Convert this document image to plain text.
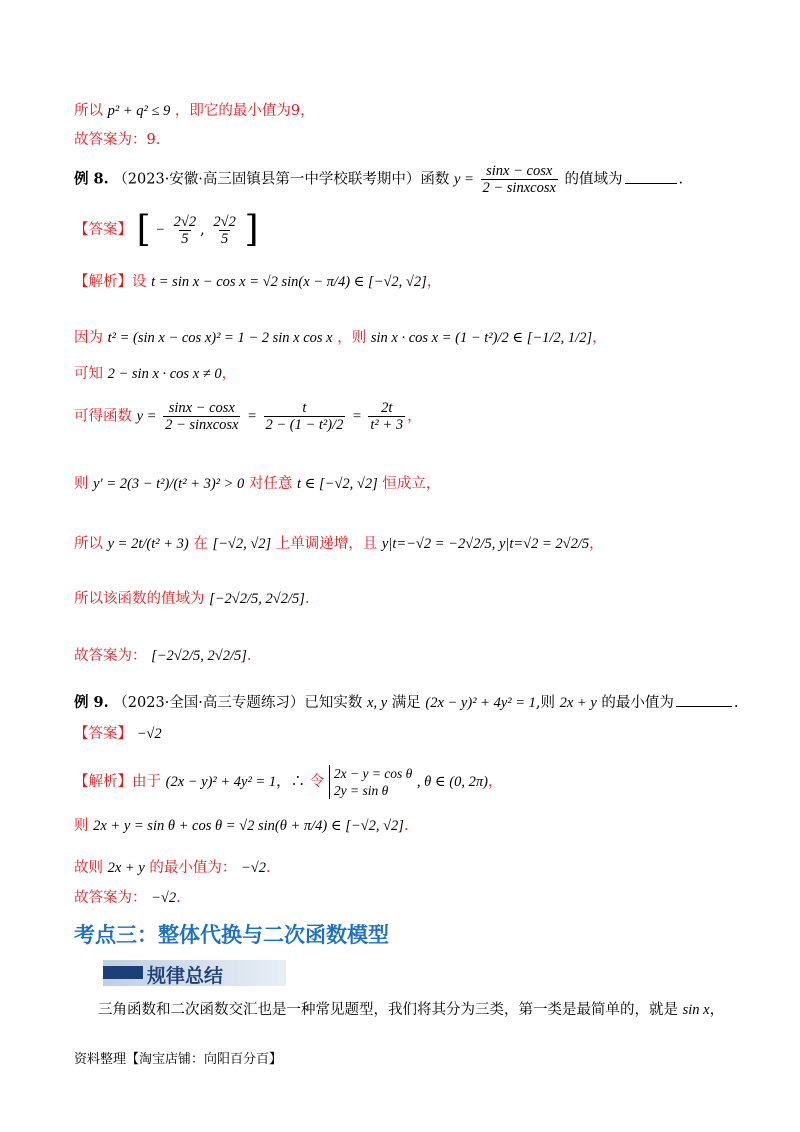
所以 p² + q² ≤ 9 ，即它的最小值为9，
故答案为：9.
例 8. （2023·安徽·高三固镇县第一中学校联考期中）函数 $y = \frac{\sin x - \cos x}{\text{2 − sinxcosx}}$ 的值域为	.
【答案】 [ − $\frac{2√2}{5}$ , $\frac{2√2}{5}$ ]
【解析】设 t = sin x − cos x = √2 sin(x − π/4) ∈ [−√2, √2]，
因为 t² = (sin x − cos x)² = 1 − 2 sin x cos x ，则 sin x · cos x = (1 − t²)/2 ∈ [−1/2, 1/2]，
可知 2 − sin x · cos x ≠ 0，
可得函数 $y = \frac{\sin x - \cos x}{\text{2 − sinxcosx}} = \frac{t}{\text{2 − (1 − t²)/2}} = \frac{2t}{\text{t² + 3}}$ ，
则 y′ = 2(3 − t²)/(t² + 3)² > 0 对任意 t ∈ [−√2, √2] 恒成立，
所以 y = 2t/(t² + 3) 在 [−√2, √2] 上单调递增，且 y|t=−√2 = −2√2/5, y|t=√2 = 2√2/5，
所以该函数的值域为 [−2√2/5, 2√2/5].
故答案为： [−2√2/5, 2√2/5].
例 9. （2023·全国·高三专题练习）已知实数 x, y 满足 (2x − y)² + 4y² = 1,则 2x + y 的最小值为	.
【答案】 −√2
【解析】由于 (2x − y)² + 4y² = 1，∴ 令
2x − y = cos θ
2y = sin θ
, θ ∈ (0, 2π)，
则 2x + y = sin θ + cos θ = √2 sin(θ + π/4) ∈ [−√2, √2].
故则 2x + y 的最小值为： −√2.
故答案为： −√2.
考点三：整体代换与二次函数模型
规律总结
三角函数和二次函数交汇也是一种常见题型，我们将其分为三类，第一类是最简单的，就是 sin x，
资料整理【淘宝店铺：向阳百分百】
